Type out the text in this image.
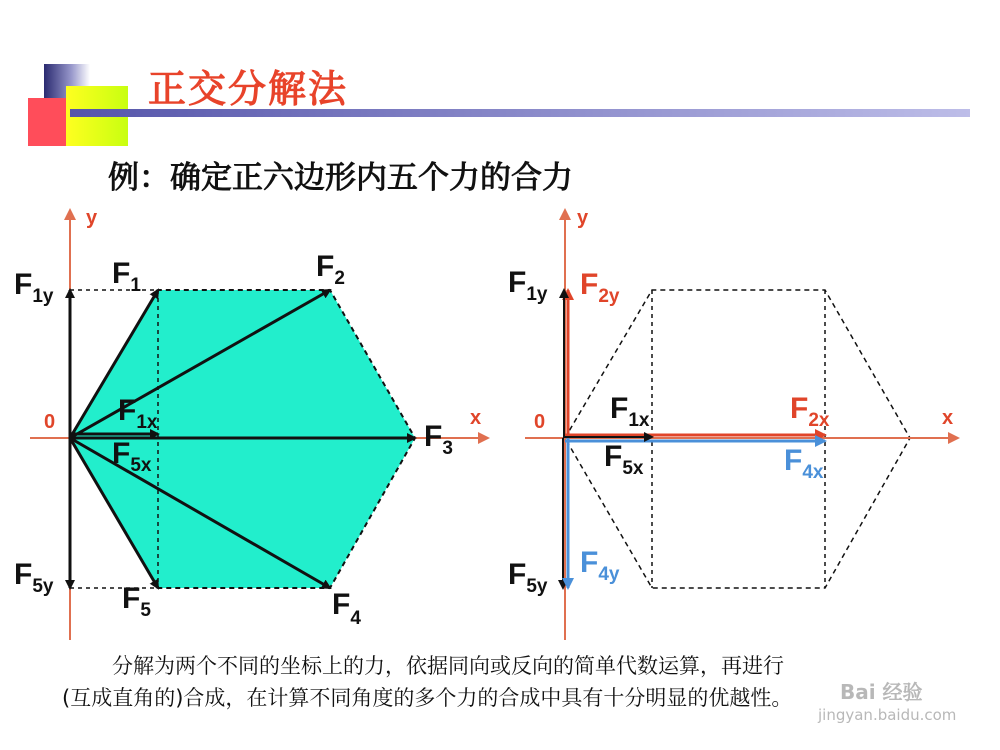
正交分解法
例：确定正六边形内五个力的合力
y
x
0
$F_1$
$F_2$
$F_3$
$F_4$
$F_5$
$F_{1y}$
$F_{5y}$
$F_{1x}$
$F_{5x}$
y
x
0
$F_{1y}$ $F_{2y}$
$F_{1x}$	$F_{2x}$
$F_{5x}$	$F_{4x}$
$F_{5y}$
$F_{4y}$

分解为两个不同的坐标上的力，依据同向或反向的简单代数运算，再进行

(互成直角的)合成，在计算不同角度的多个力的合成中具有十分明显的优越性。	Bai 经验
jingyan.baidu.com
